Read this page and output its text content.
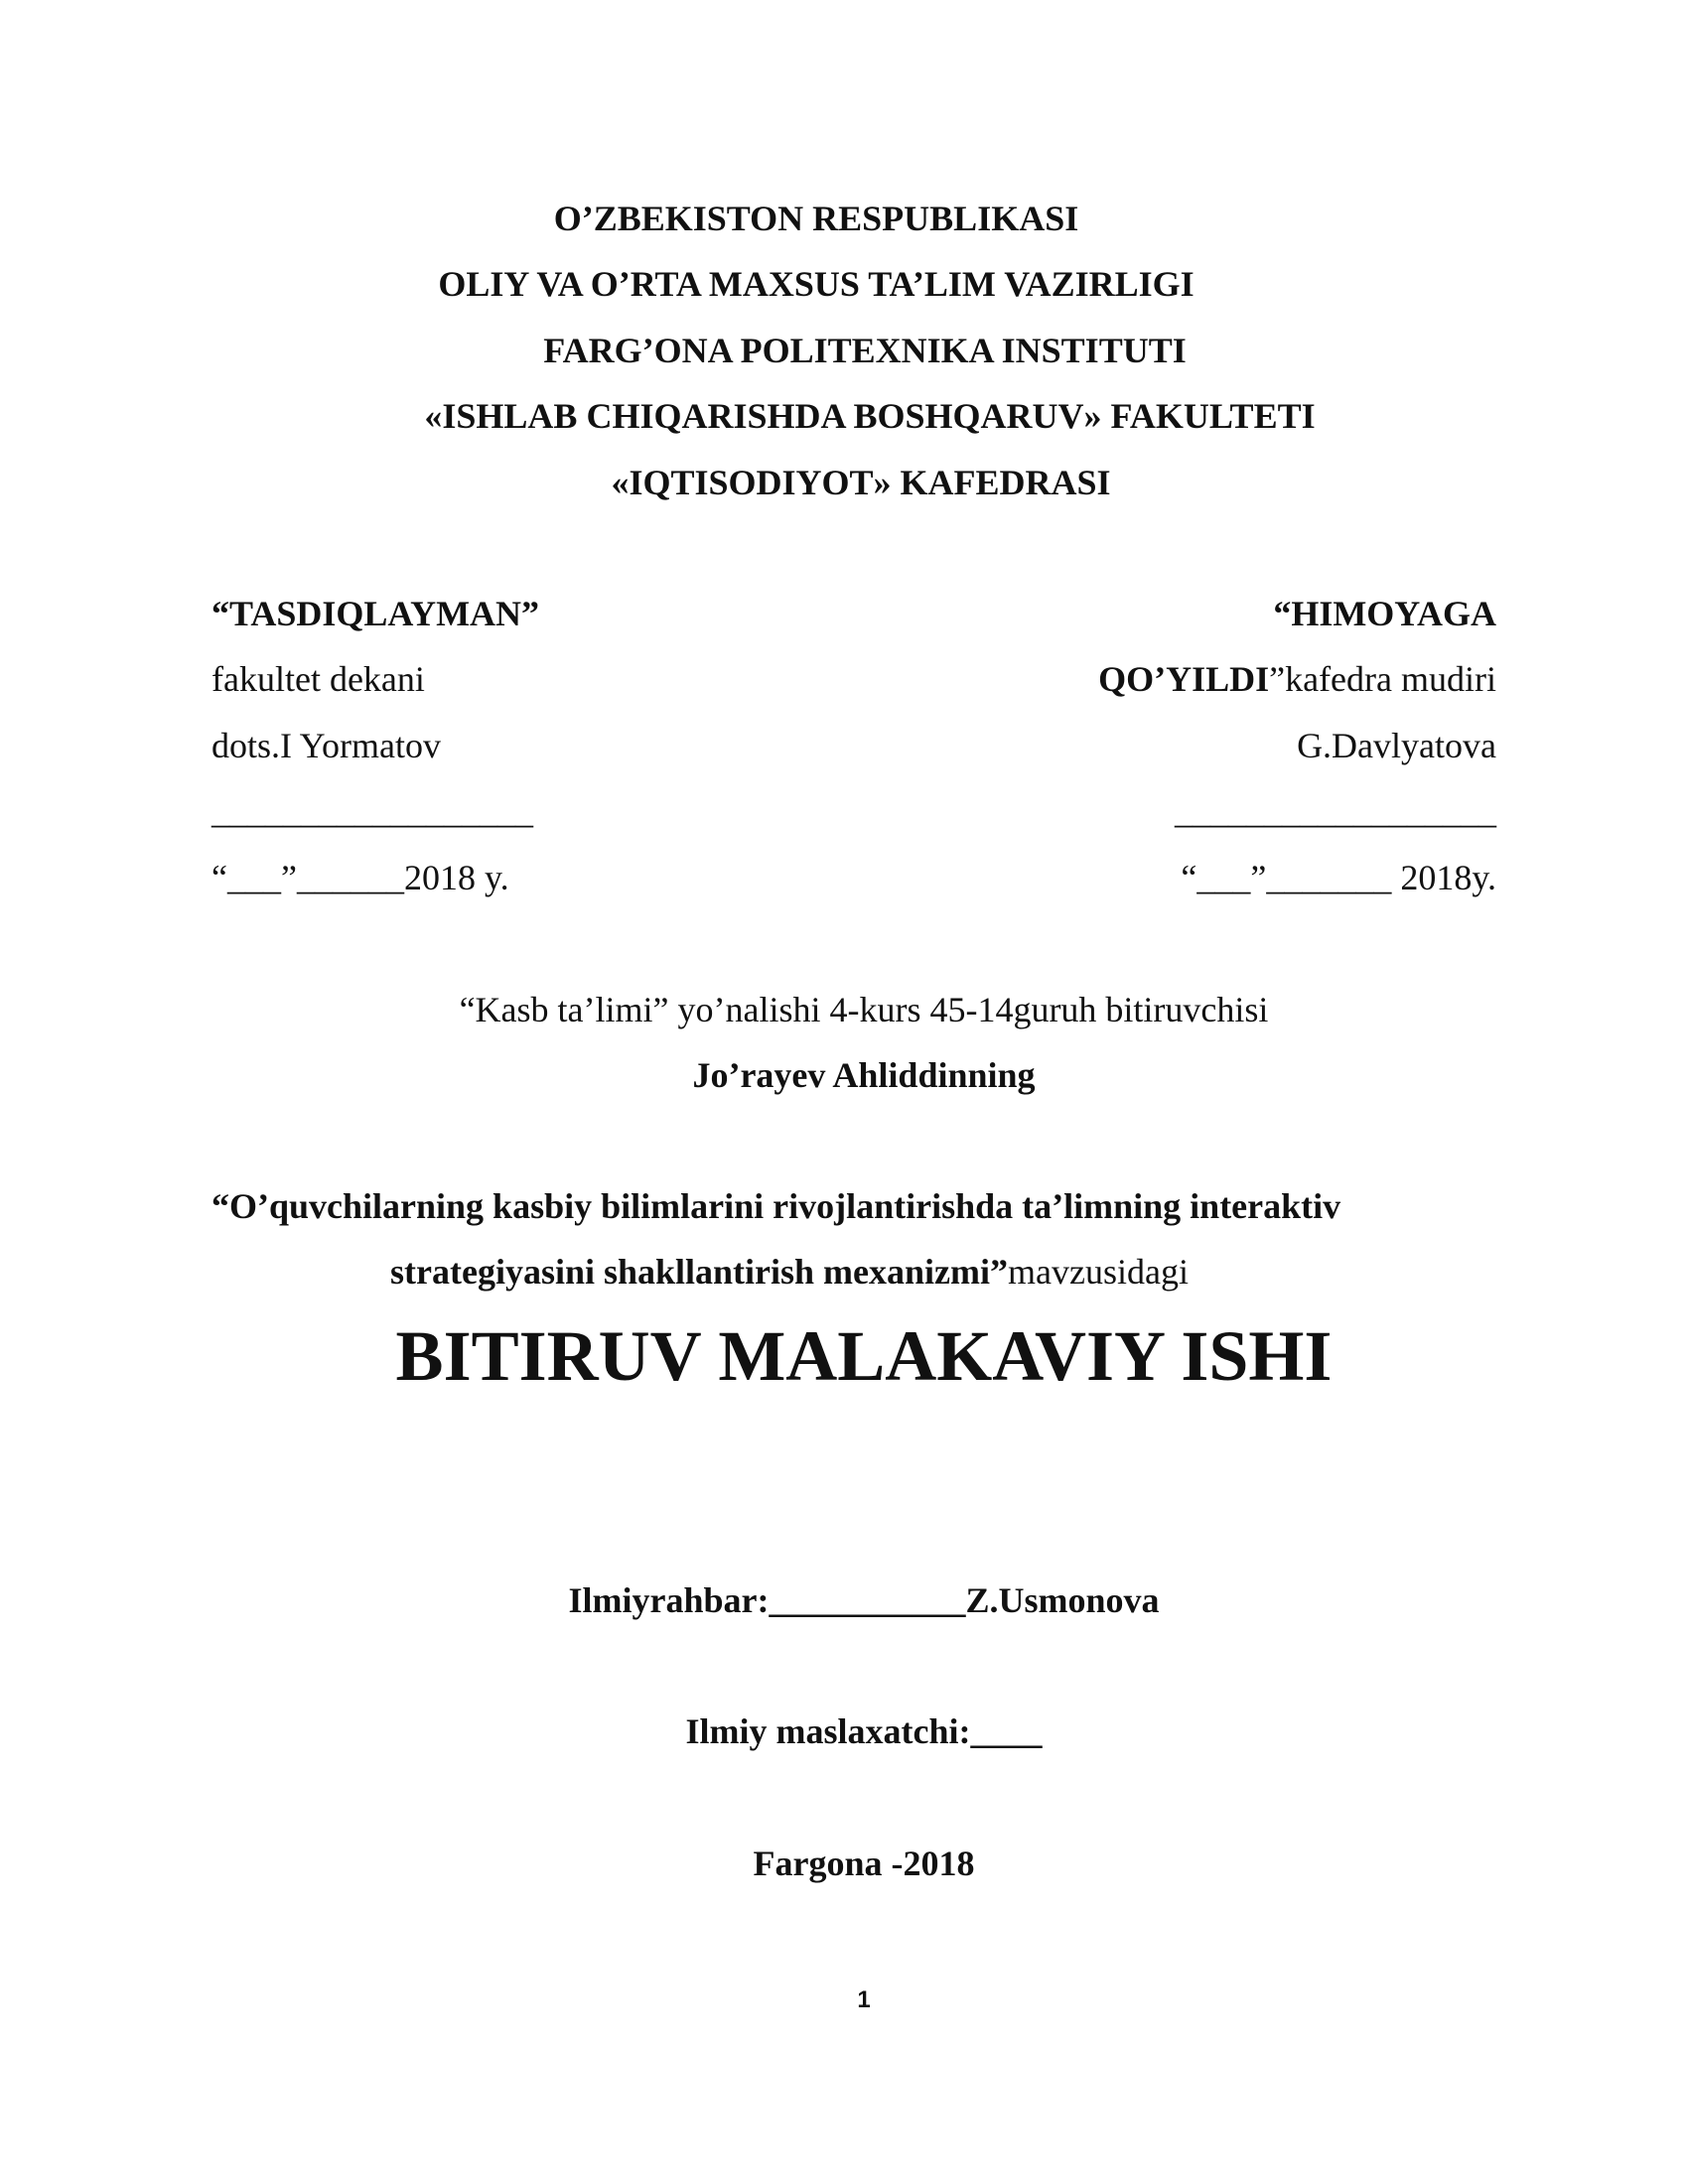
O’ZBEKISTON RESPUBLIKASI
OLIY VA O’RTA MAXSUS TA’LIM VAZIRLIGI
FARG’ONA POLITEXNIKA INSTITUTI
«ISHLAB CHIQARISHDA BOSHQARUV» FAKULTETI
«IQTISODIYOT» KAFEDRASI
“TASDIQLAYMAN”
fakultet dekani
dots.I Yormatov
__________________
“___”______2018 y.
“HIMOYAGA
QO’YILDI”kafedra mudiri
G.Davlyatova
__________________
“___”_______ 2018y.
“Kasb ta’limi” yo’nalishi 4-kurs 45-14guruh bitiruvchisi
Jo’rayev Ahliddinning
“O’quvchilarning kasbiy bilimlarini rivojlantirishda ta’limning interaktiv
strategiyasini shakllantirish mexanizmi”mavzusidagi
BITIRUV MALAKAVIY ISHI
Ilmiyrahbar:___________Z.Usmonova
Ilmiy maslaxatchi:____
Fargona -2018
1
